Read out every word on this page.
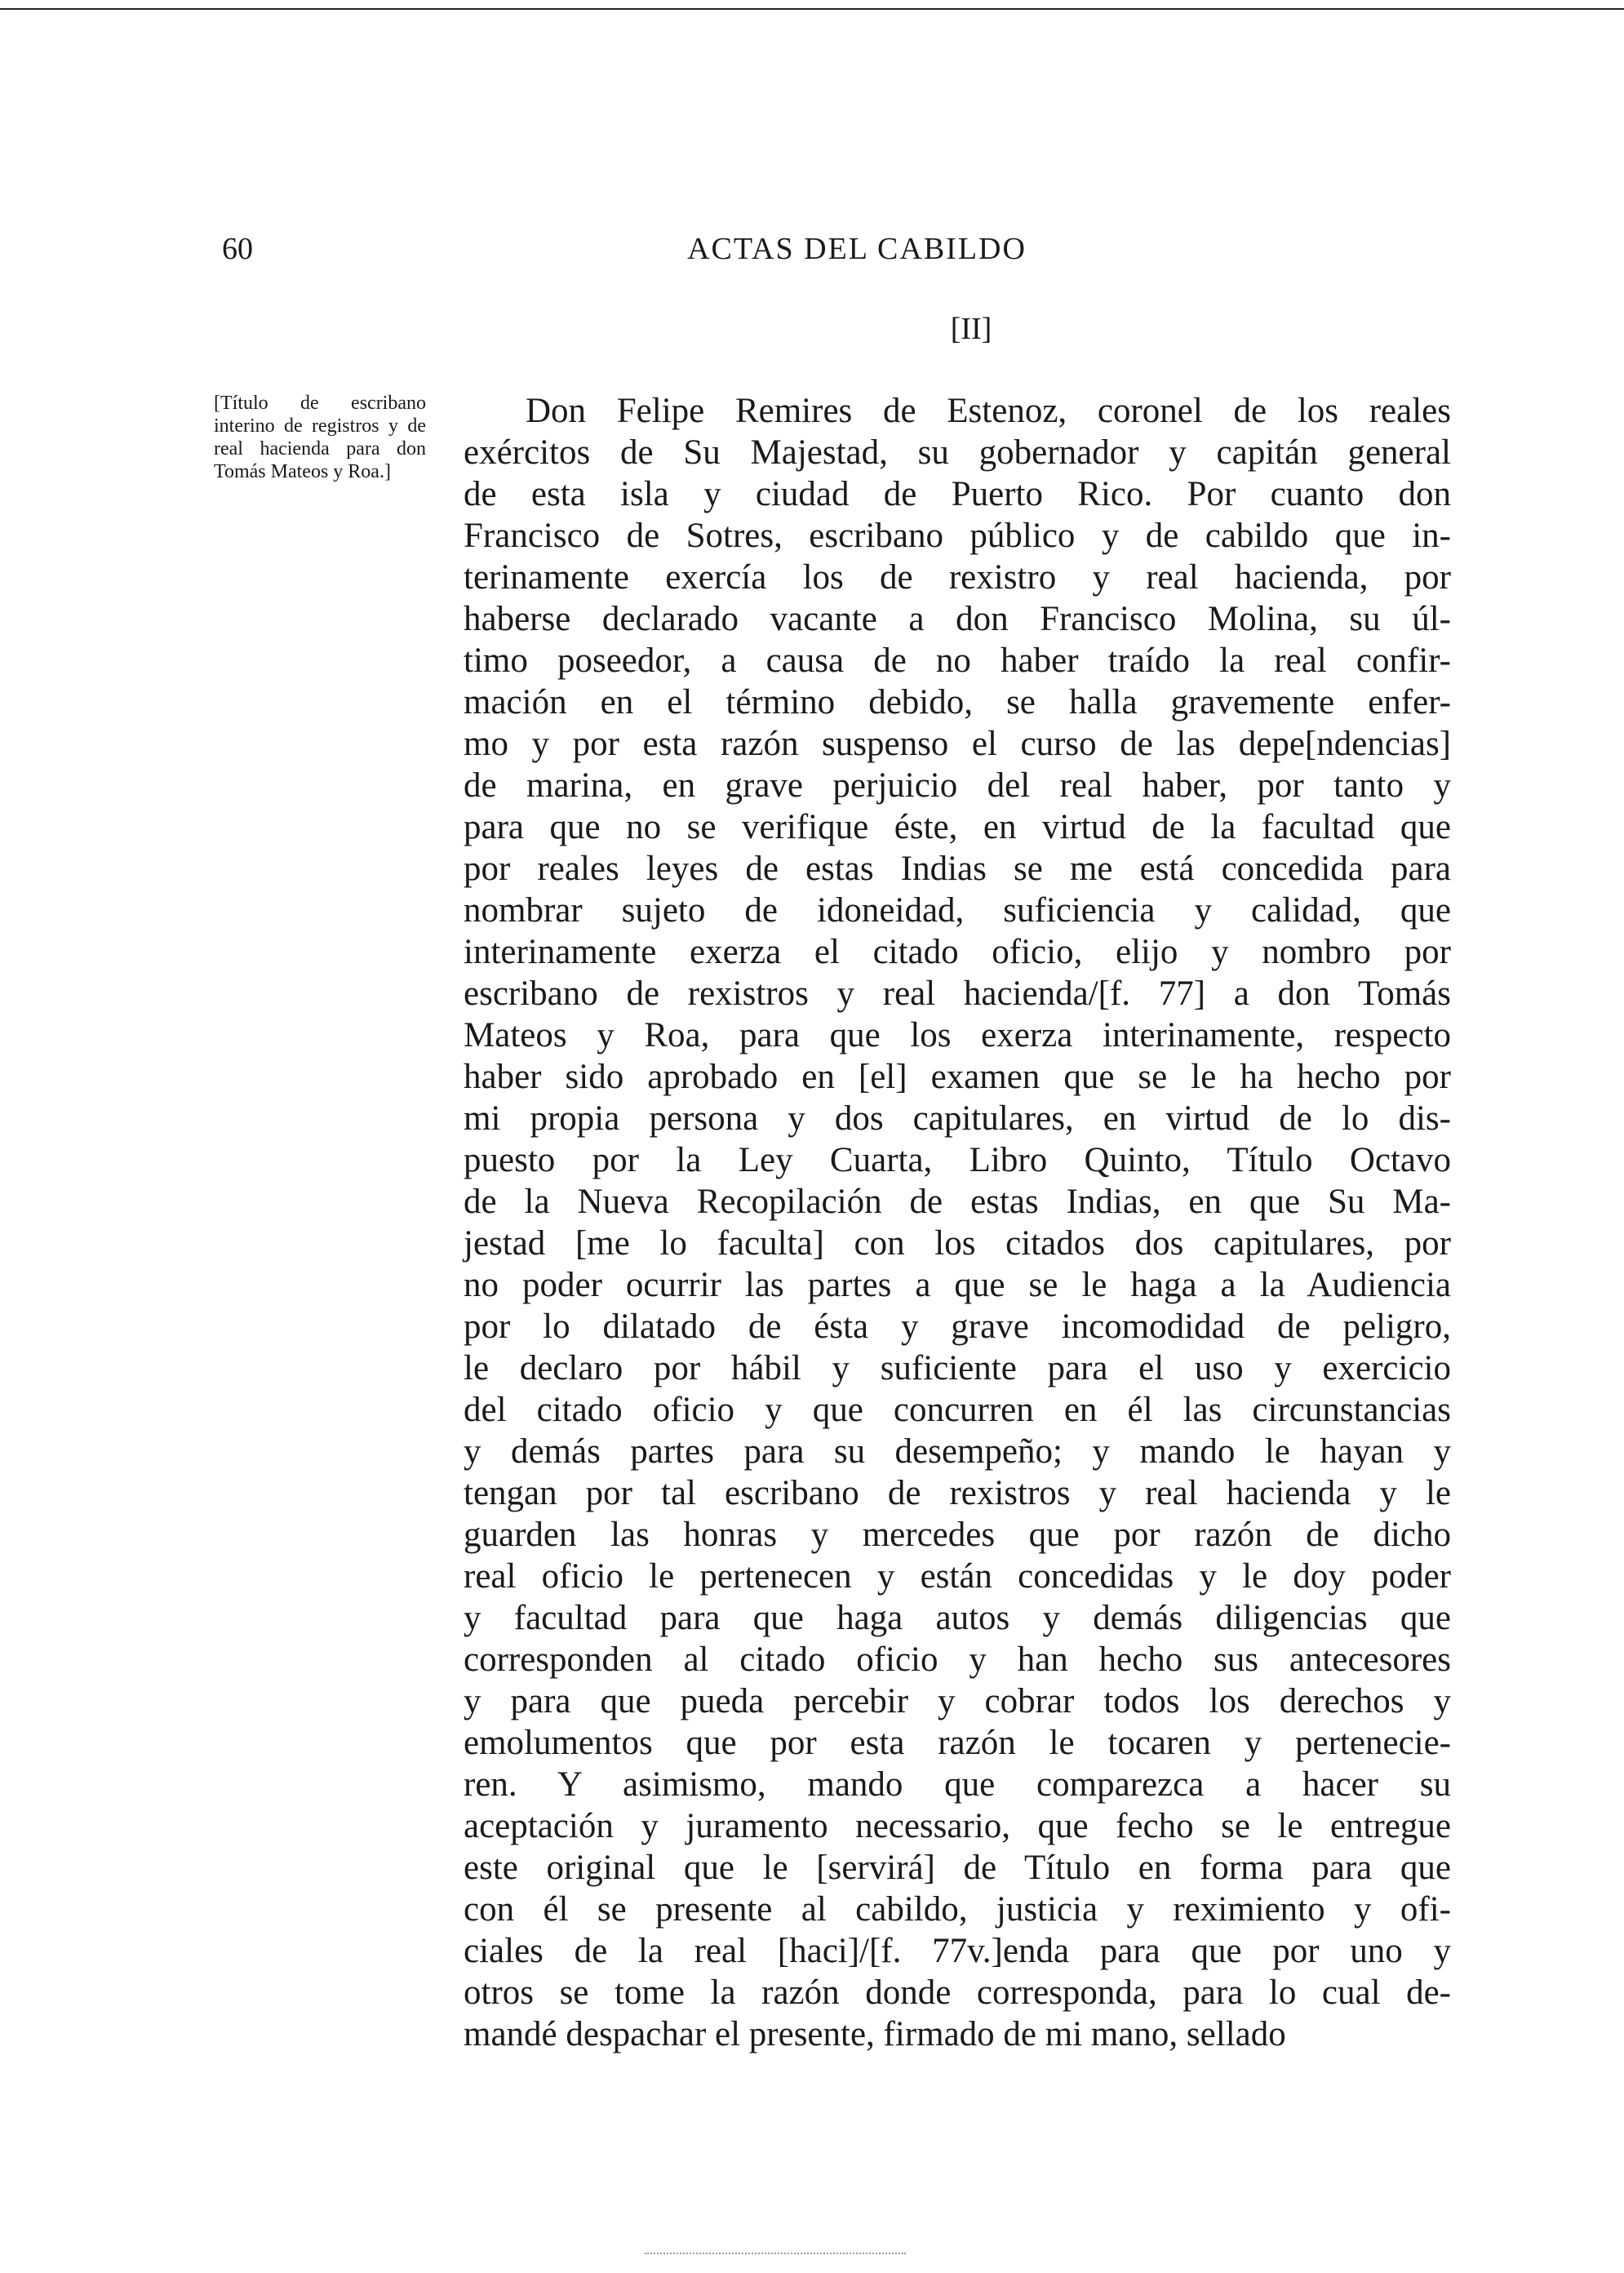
60	ACTAS DEL CABILDO
[II]
[Título de escribano interino de registros y de real hacienda para don Tomás Mateos y Roa.]
Don Felipe Remires de Estenoz, coronel de los reales
exércitos de Su Majestad, su gobernador y capitán general
de esta isla y ciudad de Puerto Rico. Por cuanto don
Francisco de Sotres, escribano público y de cabildo que in-
terinamente exercía los de rexistro y real hacienda, por
haberse declarado vacante a don Francisco Molina, su úl-
timo poseedor, a causa de no haber traído la real confir-
mación en el término debido, se halla gravemente enfer-
mo y por esta razón suspenso el curso de las depe[ndencias]
de marina, en grave perjuicio del real haber, por tanto y
para que no se verifique éste, en virtud de la facultad que
por reales leyes de estas Indias se me está concedida para
nombrar sujeto de idoneidad, suficiencia y calidad, que
interinamente exerza el citado oficio, elijo y nombro por
escribano de rexistros y real hacienda/[f. 77] a don Tomás
Mateos y Roa, para que los exerza interinamente, respecto
haber sido aprobado en [el] examen que se le ha hecho por
mi propia persona y dos capitulares, en virtud de lo dis-
puesto por la Ley Cuarta, Libro Quinto, Título Octavo
de la Nueva Recopilación de estas Indias, en que Su Ma-
jestad [me lo faculta] con los citados dos capitulares, por
no poder ocurrir las partes a que se le haga a la Audiencia
por lo dilatado de ésta y grave incomodidad de peligro,
le declaro por hábil y suficiente para el uso y exercicio
del citado oficio y que concurren en él las circunstancias
y demás partes para su desempeño; y mando le hayan y
tengan por tal escribano de rexistros y real hacienda y le
guarden las honras y mercedes que por razón de dicho
real oficio le pertenecen y están concedidas y le doy poder
y facultad para que haga autos y demás diligencias que
corresponden al citado oficio y han hecho sus antecesores
y para que pueda percebir y cobrar todos los derechos y
emolumentos que por esta razón le tocaren y pertenecie-
ren. Y asimismo, mando que comparezca a hacer su
aceptación y juramento necessario, que fecho se le entregue
este original que le [servirá] de Título en forma para que
con él se presente al cabildo, justicia y reximiento y ofi-
ciales de la real [haci]/[f. 77v.]enda para que por uno y
otros se tome la razón donde corresponda, para lo cual de-
mandé despachar el presente, firmado de mi mano, sellado
